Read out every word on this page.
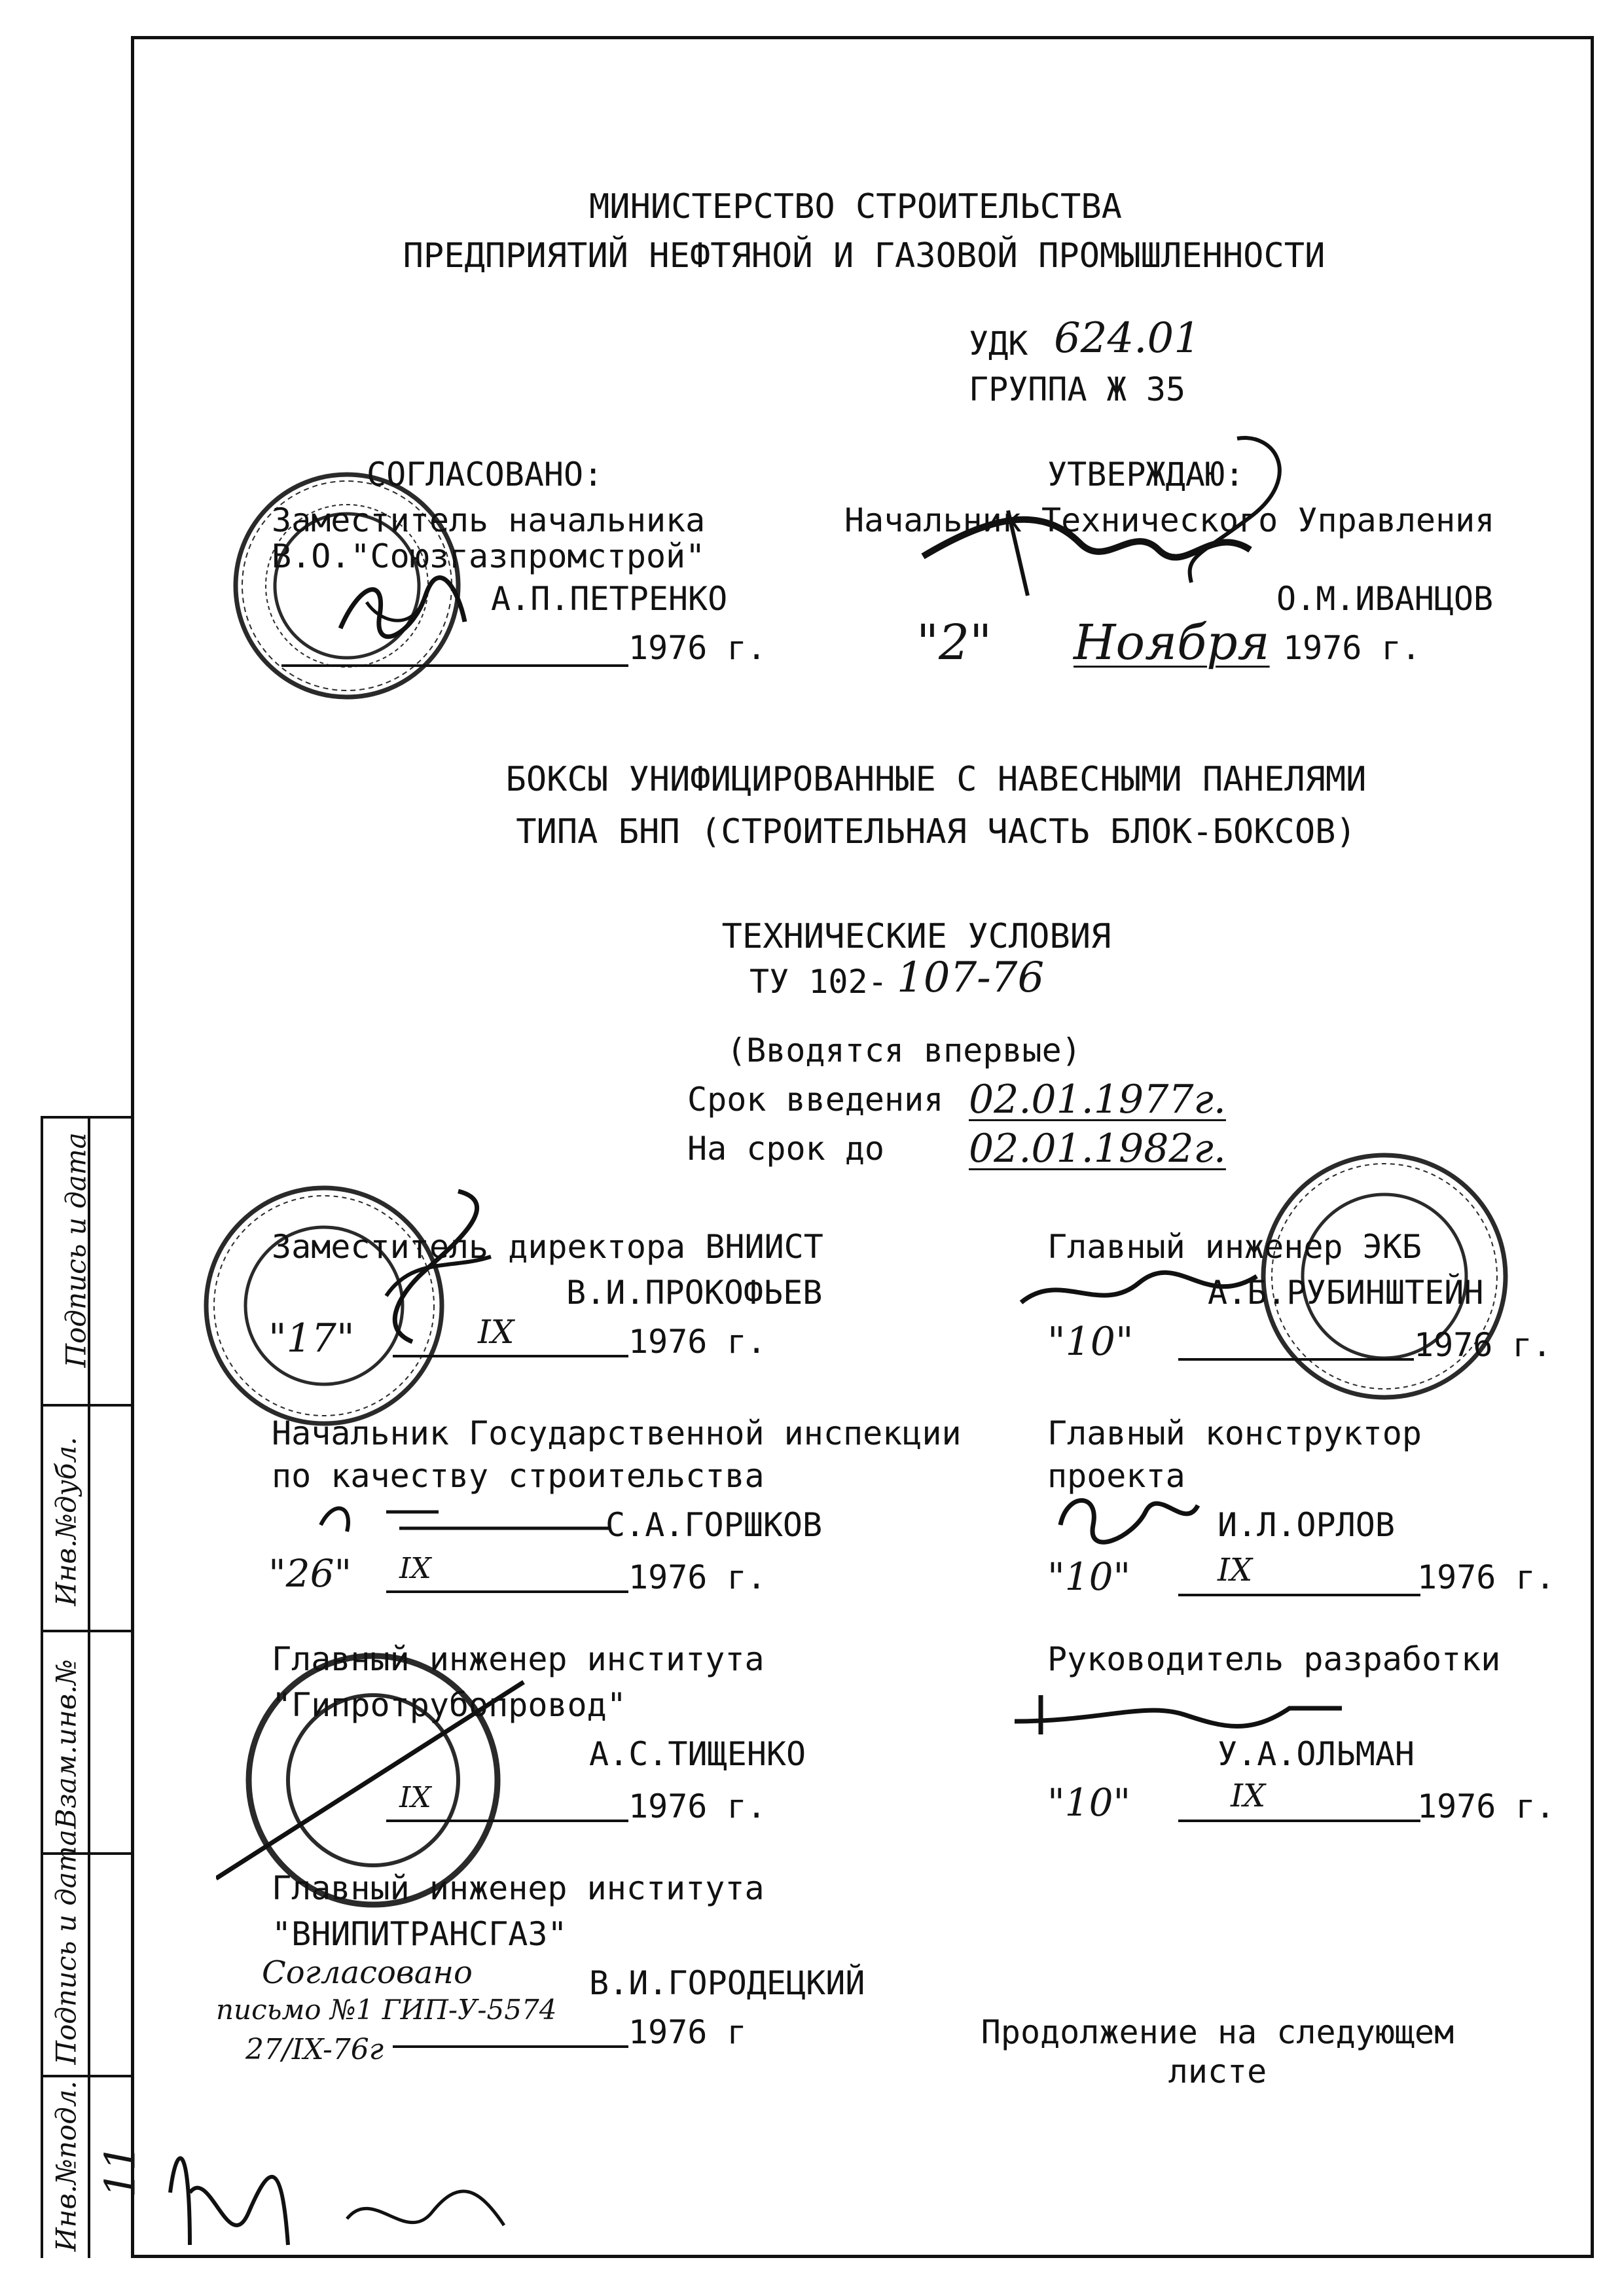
МИНИСТЕРСТВО СТРОИТЕЛЬСТВА
ПРЕДПРИЯТИЙ НЕФТЯНОЙ И ГАЗОВОЙ ПРОМЫШЛЕННОСТИ
УДК 624.01
ГРУППА Ж 35
СОГЛАСОВАНО:
Заместитель начальника
В.О."Союзгазпромстрой"
А.П.ПЕТРЕНКО
1976 г.
УТВЕРЖДАЮ:
Начальник Технического Управления
О.М.ИВАНЦОВ
"2" Ноября 1976 г.
БОКСЫ УНИФИЦИРОВАННЫЕ С НАВЕСНЫМИ ПАНЕЛЯМИ
ТИПА БНП (СТРОИТЕЛЬНАЯ ЧАСТЬ БЛОК-БОКСОВ)
ТЕХНИЧЕСКИЕ УСЛОВИЯ
ТУ 102- 107-76
(Вводятся впервые)
Срок введения 02.01.1977г.
На срок до 02.01.1982г.
Заместитель директора ВНИИСТ
В.И.ПРОКОФЬЕВ
"17"	IX	1976 г.
Главный инженер ЭКБ
А.Б.РУБИНШТЕЙН
"10"	1976 г.
Начальник Государственной инспекции
по качеству строительства
С.А.ГОРШКОВ
"26" IX	1976 г.
Главный конструктор
проекта
И.Л.ОРЛОВ
"10"	IX	1976 г.
Главный инженер института
"Гипротрубопровод"
А.С.ТИЩЕНКО
IX	1976 г.
Руководитель разработки
У.А.ОЛЬМАН
"10"	IX	1976 г.
Главный инженер института
"ВНИПИТРАНСГАЗ"
Согласовано
письмо №1 ГИП-У-5574
27/IX-76г
В.И.ГОРОДЕЦКИЙ
1976 г	Продолжение на следующем
листе
Инв.№подл.
Подпись и дата
Взам.инв.№
Инв.№дубл.
Подпись и дата
11
